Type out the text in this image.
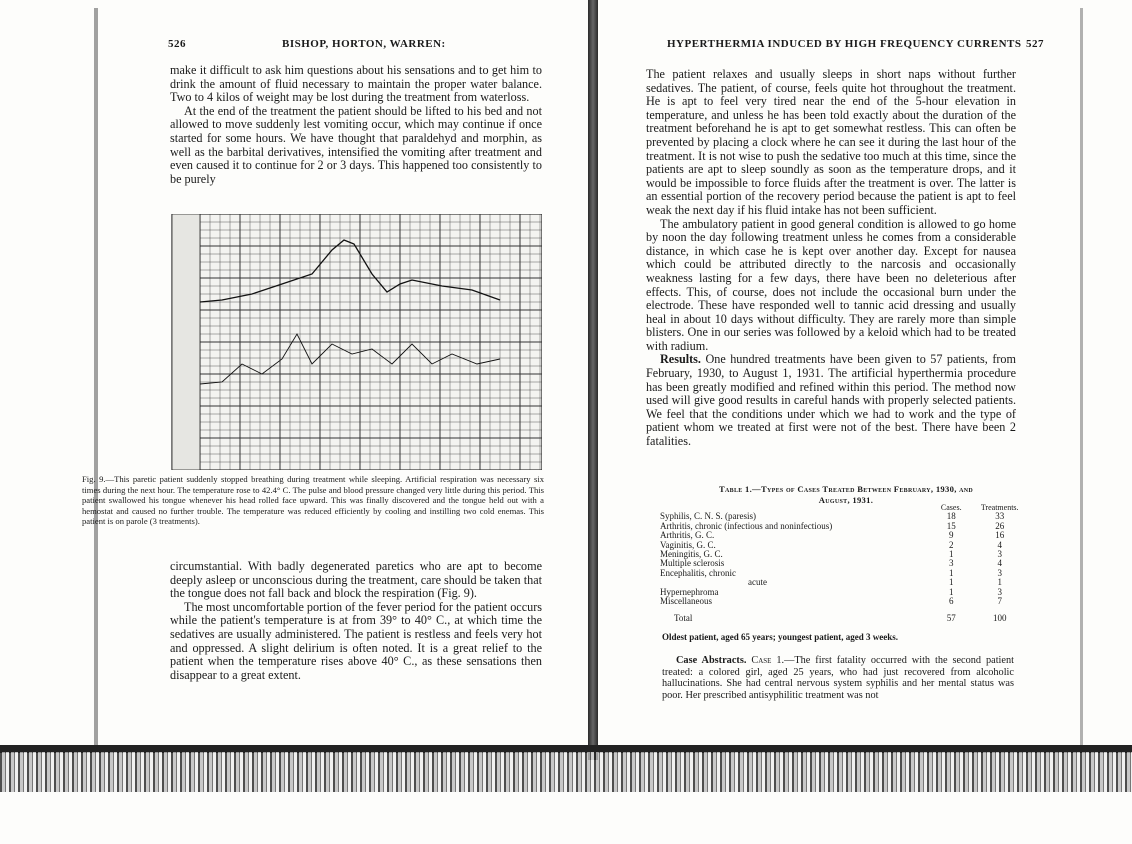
526	BISHOP, HORTON, WARREN:

make it difficult to ask him questions about his sensations and to get him to drink the amount of fluid necessary to maintain the proper water balance. Two to 4 kilos of weight may be lost during the treatment from waterloss.

At the end of the treatment the patient should be lifted to his bed and not allowed to move suddenly lest vomiting occur, which may continue if once started for some hours. We have thought that paraldehyd and morphin, as well as the barbital derivatives, intensified the vomiting after treatment and even caused it to continue for 2 or 3 days. This happened too consistently to be purely

Fig. 9.—This paretic patient suddenly stopped breathing during treatment while sleeping. Artificial respiration was necessary six times during the next hour. The temperature rose to 42.4° C. The pulse and blood pressure changed very little during this period. This patient swallowed his tongue whenever his head rolled face upward. This was finally discovered and the tongue held out with a hemostat and caused no further trouble. The temperature was reduced efficiently by cooling and instilling two cold enemas. This patient is on parole (3 treatments).

circumstantial. With badly degenerated paretics who are apt to become deeply asleep or unconscious during the treatment, care should be taken that the tongue does not fall back and block the respiration (Fig. 9).

The most uncomfortable portion of the fever period for the patient occurs while the patient's temperature is at from 39° to 40° C., at which time the sedatives are usually administered. The patient is restless and feels very hot and oppressed. A slight delirium is often noted. It is a great relief to the patient when the temperature rises above 40° C., as these sensations then disappear to a great extent.

HYPERTHERMIA INDUCED BY HIGH FREQUENCY CURRENTS 527

The patient relaxes and usually sleeps in short naps without further sedatives. The patient, of course, feels quite hot throughout the treatment. He is apt to feel very tired near the end of the 5-hour elevation in temperature, and unless he has been told exactly about the duration of the treatment beforehand he is apt to get somewhat restless. This can often be prevented by placing a clock where he can see it during the last hour of the treatment. It is not wise to push the sedative too much at this time, since the patients are apt to sleep soundly as soon as the temperature drops, and it would be impossible to force fluids after the treatment is over. The latter is an essential portion of the recovery period because the patient is apt to feel weak the next day if his fluid intake has not been sufficient.

The ambulatory patient in good general condition is allowed to go home by noon the day following treatment unless he comes from a considerable distance, in which case he is kept over another day. Except for nausea which could be attributed directly to the narcosis and occasionally weakness lasting for a few days, there have been no deleterious after effects. This, of course, does not include the occasional burn under the electrode. These have responded well to tannic acid dressing and usually heal in about 10 days without difficulty. They are rarely more than simple blisters. One in our series was followed by a keloid which had to be treated with radium.

Results. One hundred treatments have been given to 57 patients, from February, 1930, to August 1, 1931. The artificial hyperthermia procedure has been greatly modified and refined within this period. The method now used will give good results in careful hands with properly selected patients. We feel that the conditions under which we had to work and the type of patient whom we treated at first were not of the best. There have been 2 fatalities.

Table 1.—Types of Cases Treated Between February, 1930, and
August, 1931.
	Cases.	Treatments.
Syphilis, C. N. S. (paresis)	18	33
Arthritis, chronic (infectious and noninfectious)	15	26
Arthritis, G. C.	9	16
Vaginitis, G. C.	2	4
Meningitis, G. C.	1	3
Multiple sclerosis	3	4
Encephalitis, chronic	1	3
acute	1	1
Hypernephroma	1	3
Miscellaneous	6	7
Total	57	100
Oldest patient, aged 65 years; youngest patient, aged 3 weeks.

Case Abstracts. Case 1.—The first fatality occurred with the second patient treated: a colored girl, aged 25 years, who had just recovered from alcoholic hallucinations. She had central nervous system syphilis and her mental status was poor. Her prescribed antisyphilitic treatment was not
